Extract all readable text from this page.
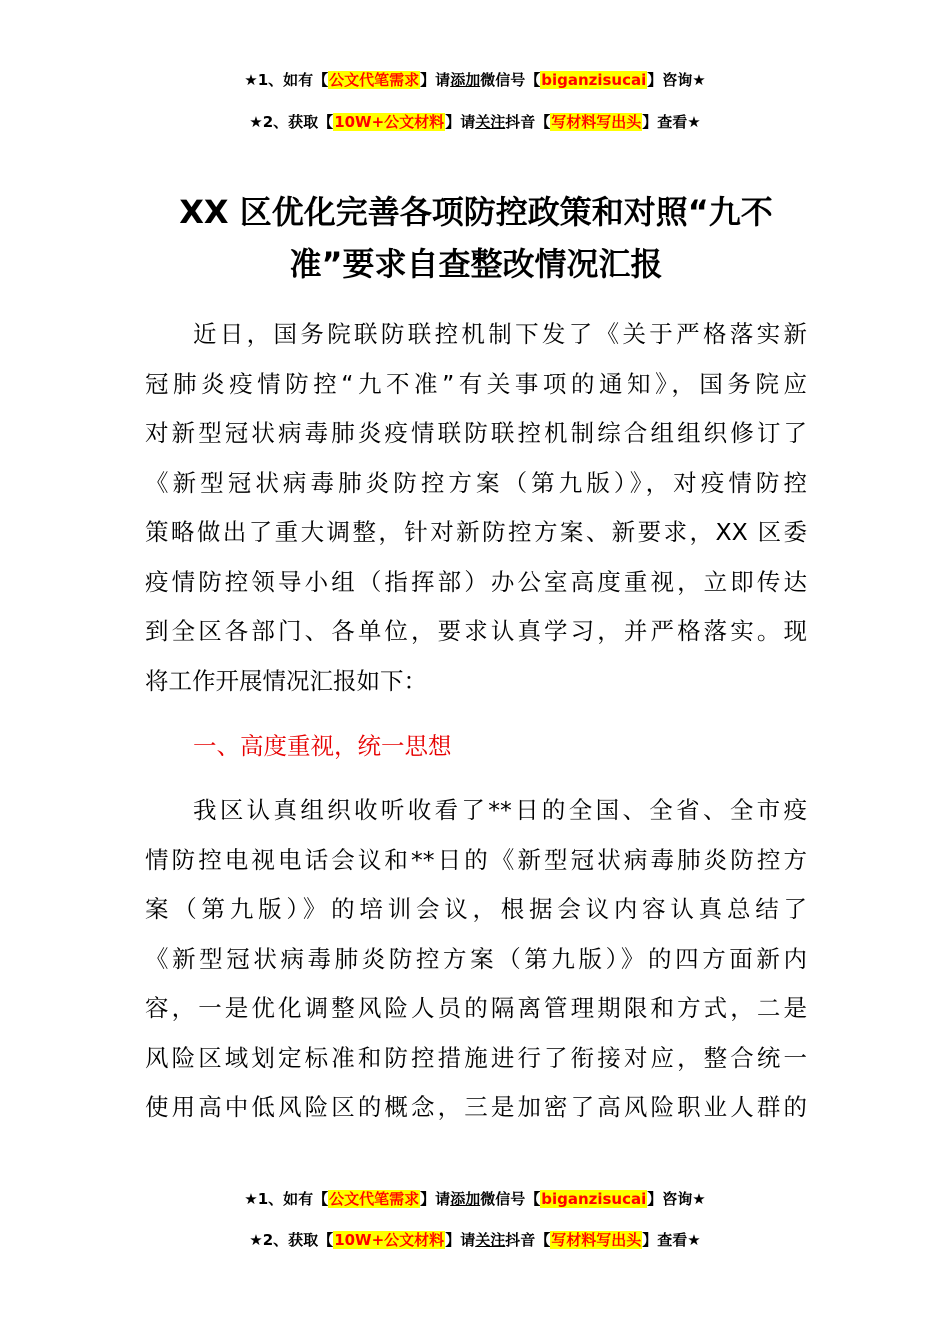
★1、如有【公文代笔需求】请添加微信号【biganzisucai】咨询★
★2、获取【10W+公文材料】请关注抖音【写材料写出头】查看★
XX 区优化完善各项防控政策和对照“九不
准”要求自查整改情况汇报
近日，国务院联防联控机制下发了《关于严格落实新
冠肺炎疫情防控“九不准”有关事项的通知》，国务院应
对新型冠状病毒肺炎疫情联防联控机制综合组组织修订了
《新型冠状病毒肺炎防控方案（第九版）》，对疫情防控
策略做出了重大调整，针对新防控方案、新要求，XX 区委
疫情防控领导小组（指挥部）办公室高度重视，立即传达
到全区各部门、各单位，要求认真学习，并严格落实。现
将工作开展情况汇报如下：
一、高度重视，统一思想
我区认真组织收听收看了**日的全国、全省、全市疫
情防控电视电话会议和**日的《新型冠状病毒肺炎防控方
案（第九版）》的培训会议，根据会议内容认真总结了
《新型冠状病毒肺炎防控方案（第九版）》的四方面新内
容，一是优化调整风险人员的隔离管理期限和方式，二是
风险区域划定标准和防控措施进行了衔接对应，整合统一
使用高中低风险区的概念，三是加密了高风险职业人群的
★1、如有【公文代笔需求】请添加微信号【biganzisucai】咨询★
★2、获取【10W+公文材料】请关注抖音【写材料写出头】查看★
